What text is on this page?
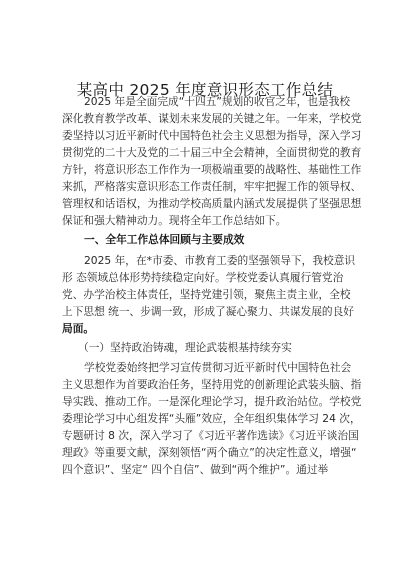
某高中 2025 年度意识形态工作总结
2025 年是全面完成“十四五”规划的收官之年，也是我校
深化教育教学改革、谋划未来发展的关键之年。一年来，学校党
委坚持以习近平新时代中国特色社会主义思想为指导，深入学习
贯彻党的二十大及党的二十届三中全会精神，全面贯彻党的教育
方针，将意识形态工作作为一项极端重要的战略性、基础性工作
来抓，严格落实意识形态工作责任制，牢牢把握工作的领导权、
管理权和话语权，为推动学校高质量内涵式发展提供了坚强思想
保证和强大精神动力。现将全年工作总结如下。
一、全年工作总体回顾与主要成效
2025 年，在*市委、市教育工委的坚强领导下，我校意识
形 态领域总体形势持续稳定向好。学校党委认真履行管党治
党、办学治校主体责任，坚持党建引领，聚焦主责主业，全校
上下思想 统一、步调一致，形成了凝心聚力、共谋发展的良好
局面。
（一）坚持政治铸魂，理论武装根基持续夯实
学校党委始终把学习宣传贯彻习近平新时代中国特色社会
主义思想作为首要政治任务，坚持用党的创新理论武装头脑、指
导实践、推动工作。一是深化理论学习，提升政治站位。学校党
委理论学习中心组发挥“头雁”效应，全年组织集体学习 24 次，
专题研讨 8 次，深入学习了《习近平著作选读》《习近平谈治国
理政》等重要文献，深刻领悟“两个确立”的决定性意义，增强“
四个意识”、坚定“ 四个自信”、做到“两个维护”。通过举
